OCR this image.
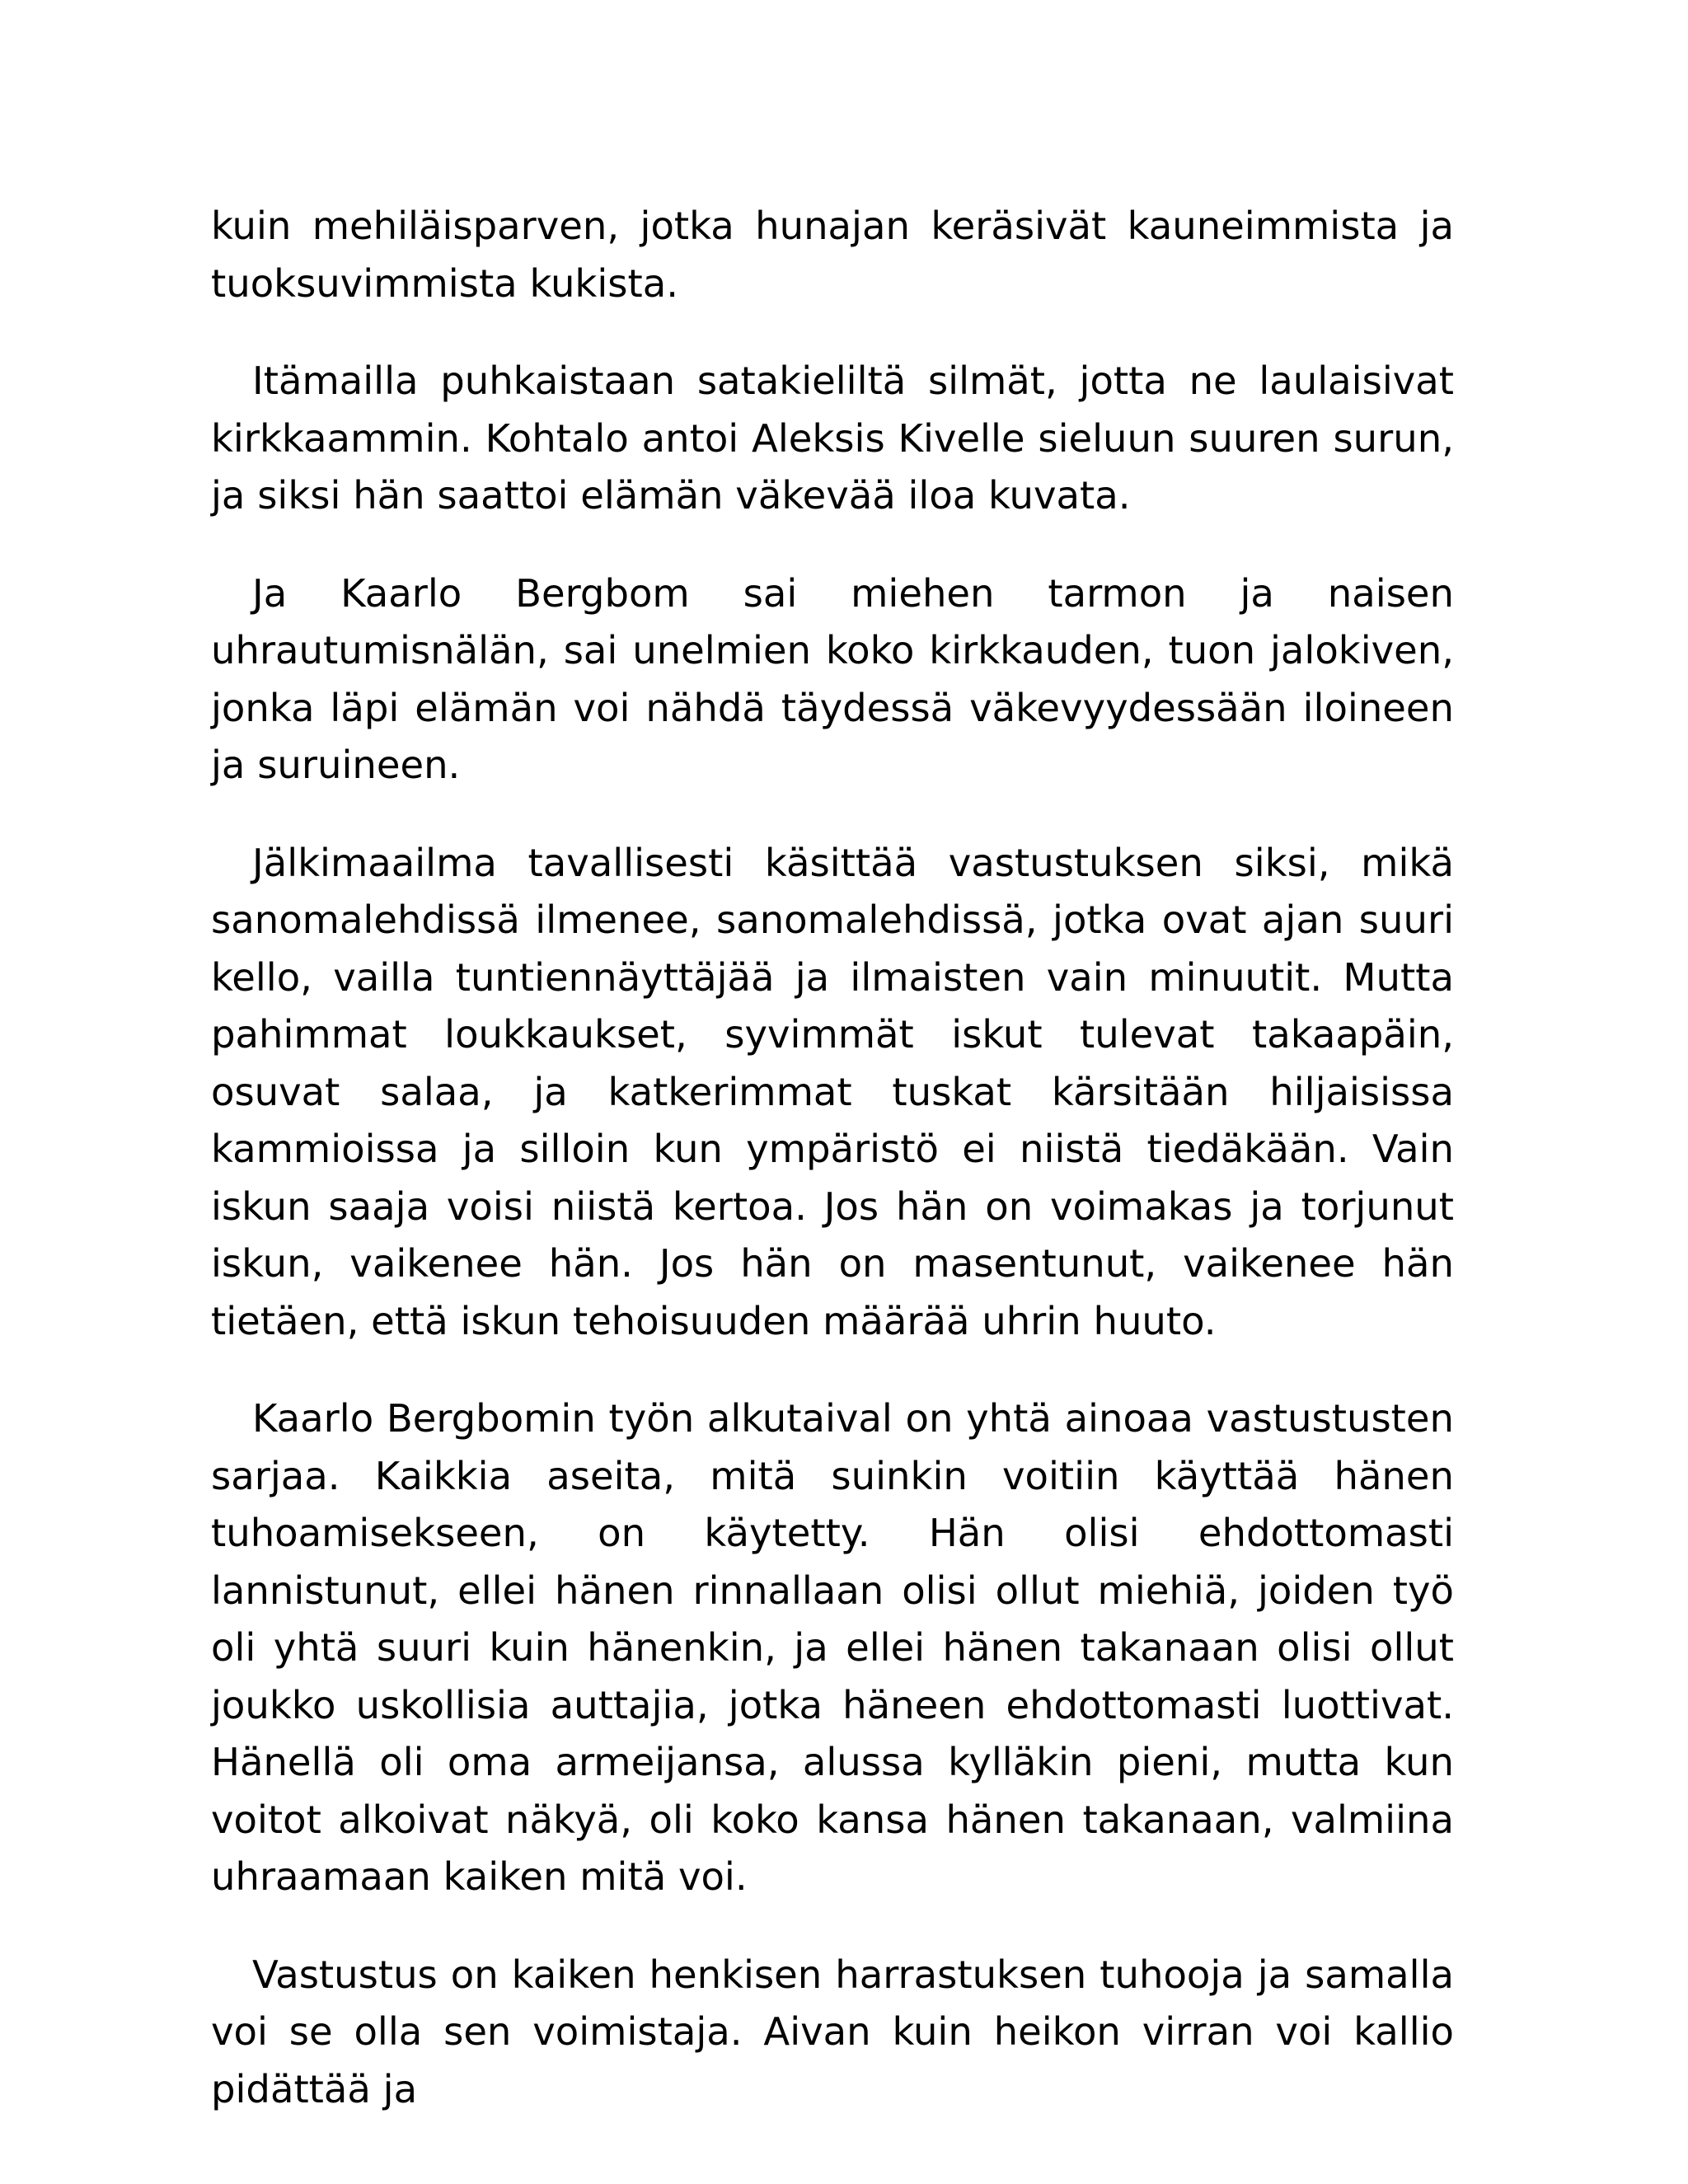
kuin mehiläisparven, jotka hunajan keräsivät kauneimmista ja tuoksuvimmista kukista.

Itämailla puhkaistaan satakieliltä silmät, jotta ne laulaisivat kirkkaammin. Kohtalo antoi Aleksis Kivelle sieluun suuren surun, ja siksi hän saattoi elämän väkevää iloa kuvata.

Ja Kaarlo Bergbom sai miehen tarmon ja naisen uhrautumisnälän, sai unelmien koko kirkkauden, tuon jalokiven, jonka läpi elämän voi nähdä täydessä väkevyydessään iloineen ja suruineen.

Jälkimaailma tavallisesti käsittää vastustuksen siksi, mikä sanomalehdissä ilmenee, sanomalehdissä, jotka ovat ajan suuri kello, vailla tuntiennäyttäjää ja ilmaisten vain minuutit. Mutta pahimmat loukkaukset, syvimmät iskut tulevat takaapäin, osuvat salaa, ja katkerimmat tuskat kärsitään hiljaisissa kammioissa ja silloin kun ympäristö ei niistä tiedäkään. Vain iskun saaja voisi niistä kertoa. Jos hän on voimakas ja torjunut iskun, vaikenee hän. Jos hän on masentunut, vaikenee hän tietäen, että iskun tehoisuuden määrää uhrin huuto.

Kaarlo Bergbomin työn alkutaival on yhtä ainoaa vastustusten sarjaa. Kaikkia aseita, mitä suinkin voitiin käyttää hänen tuhoamisekseen, on käytetty. Hän olisi ehdottomasti lannistunut, ellei hänen rinnallaan olisi ollut miehiä, joiden työ oli yhtä suuri kuin hänenkin, ja ellei hänen takanaan olisi ollut joukko uskollisia auttajia, jotka häneen ehdottomasti luottivat. Hänellä oli oma armeijansa, alussa kylläkin pieni, mutta kun voitot alkoivat näkyä, oli koko kansa hänen takanaan, valmiina uhraamaan kaiken mitä voi.

Vastustus on kaiken henkisen harrastuksen tuhooja ja samalla voi se olla sen voimistaja. Aivan kuin heikon virran voi kallio pidättää ja
